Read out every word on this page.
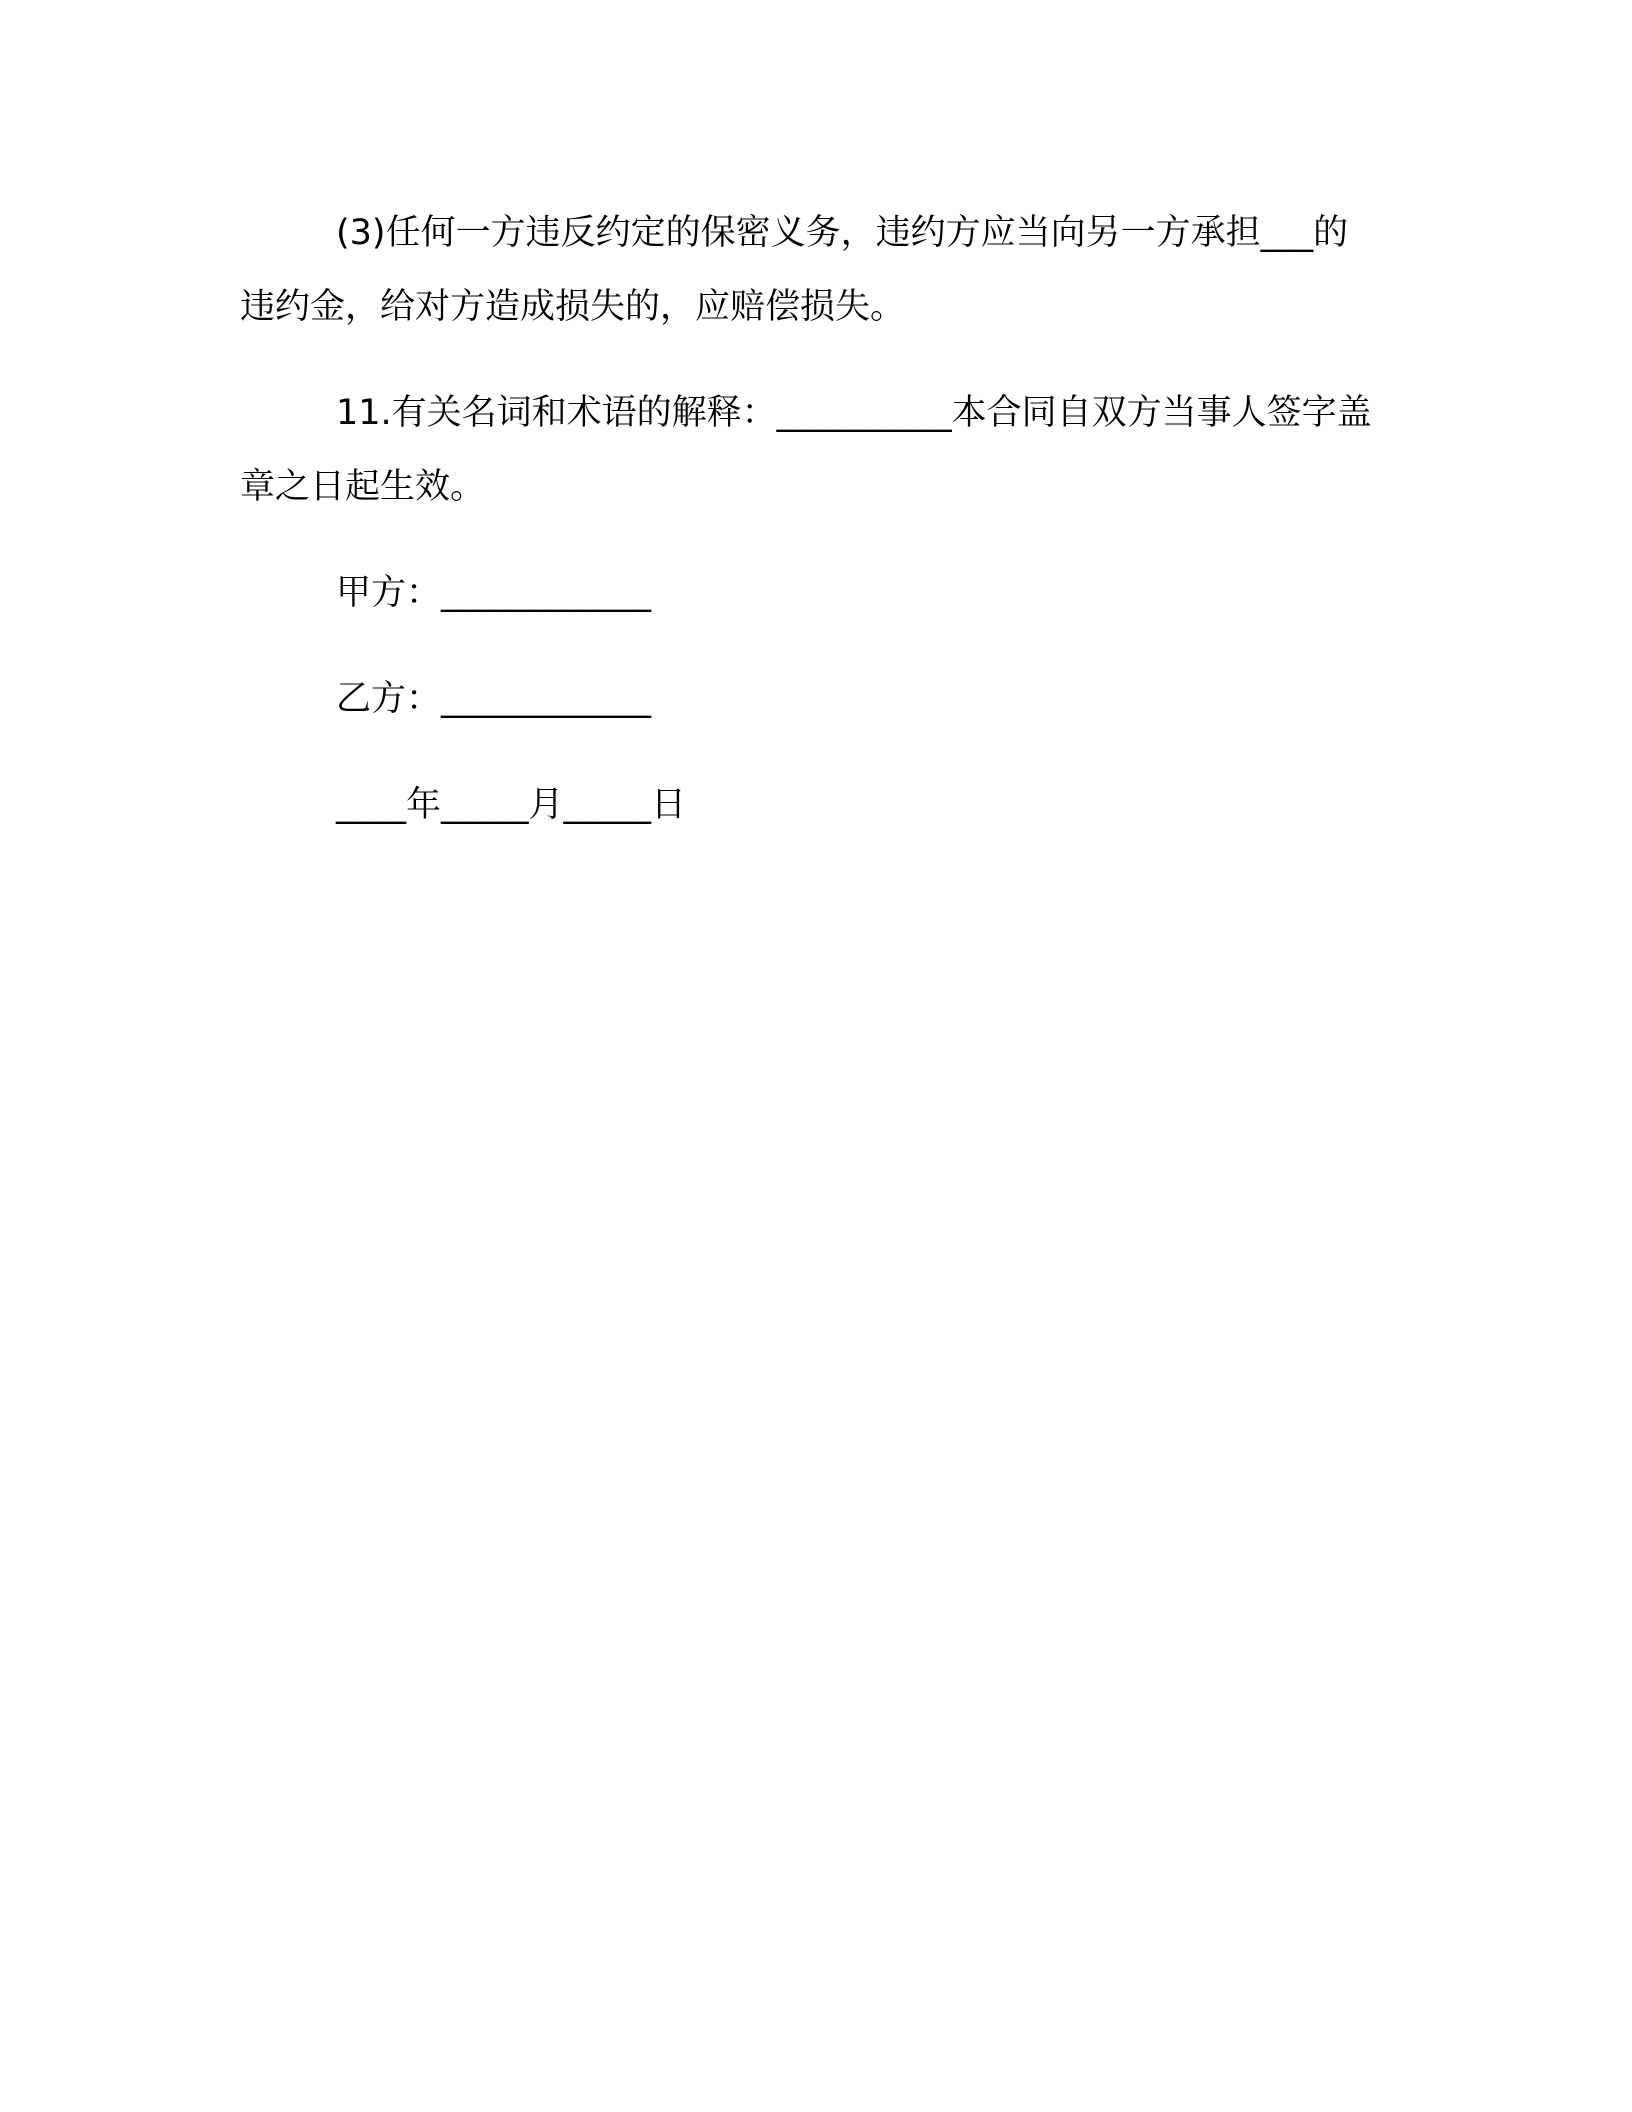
(3)任何一方违反约定的保密义务，违约方应当向另一方承担___的违约金，给对方造成损失的，应赔偿损失。

11.有关名词和术语的解释：__________本合同自双方当事人签字盖章之日起生效。

甲方：____________

乙方：____________

____年_____月_____日
